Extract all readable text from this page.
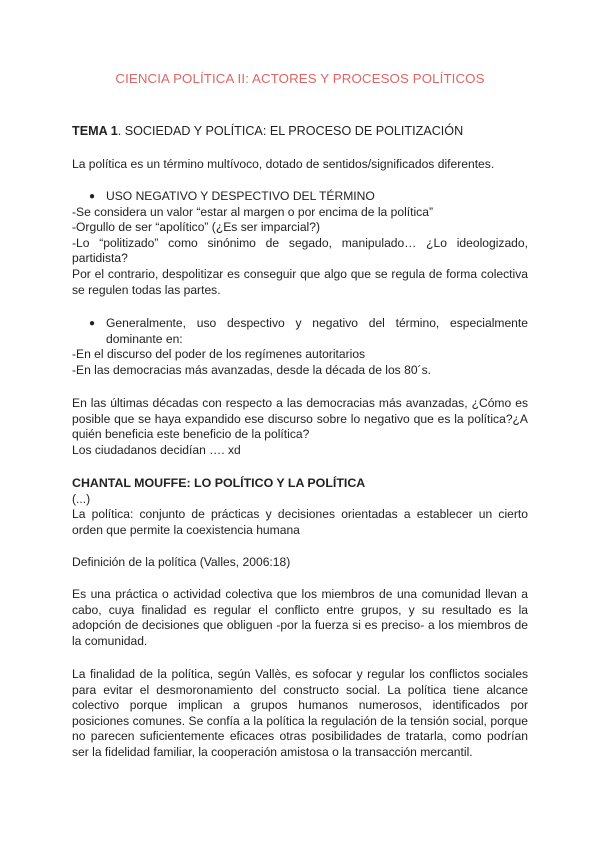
CIENCIA POLÍTICA II: ACTORES Y PROCESOS POLÍTICOS
TEMA 1. SOCIEDAD Y POLÍTICA: EL PROCESO DE POLITIZACIÓN
La política es un término multívoco, dotado de sentidos/significados diferentes.
● USO NEGATIVO Y DESPECTIVO DEL TÉRMINO
-Se considera un valor “estar al margen o por encima de la política”
-Orgullo de ser “apolítico” (¿Es ser imparcial?)
-Lo “politizado” como sinónimo de segado, manipulado… ¿Lo ideologizado, partidista?
Por el contrario, despolitizar es conseguir que algo que se regula de forma colectiva se regulen todas las partes.
● Generalmente, uso despectivo y negativo del término, especialmente dominante en:
-En el discurso del poder de los regímenes autoritarios
-En las democracias más avanzadas, desde la década de los 80´s.
En las últimas décadas con respecto a las democracias más avanzadas, ¿Cómo es posible que se haya expandido ese discurso sobre lo negativo que es la política?¿A quién beneficia este beneficio de la política?
Los ciudadanos decidían …. xd
CHANTAL MOUFFE: LO POLÍTICO Y LA POLÍTICA
(...)
La política: conjunto de prácticas y decisiones orientadas a establecer un cierto orden que permite la coexistencia humana
Definición de la política (Valles, 2006:18)
Es una práctica o actividad colectiva que los miembros de una comunidad llevan a cabo, cuya finalidad es regular el conflicto entre grupos, y su resultado es la adopción de decisiones que obliguen -por la fuerza si es preciso- a los miembros de la comunidad.
La finalidad de la política, según Vallès, es sofocar y regular los conflictos sociales para evitar el desmoronamiento del constructo social. La política tiene alcance colectivo porque implican a grupos humanos numerosos, identificados por posiciones comunes. Se confía a la política la regulación de la tensión social, porque no parecen suficientemente eficaces otras posibilidades de tratarla, como podrían ser la fidelidad familiar, la cooperación amistosa o la transacción mercantil.
